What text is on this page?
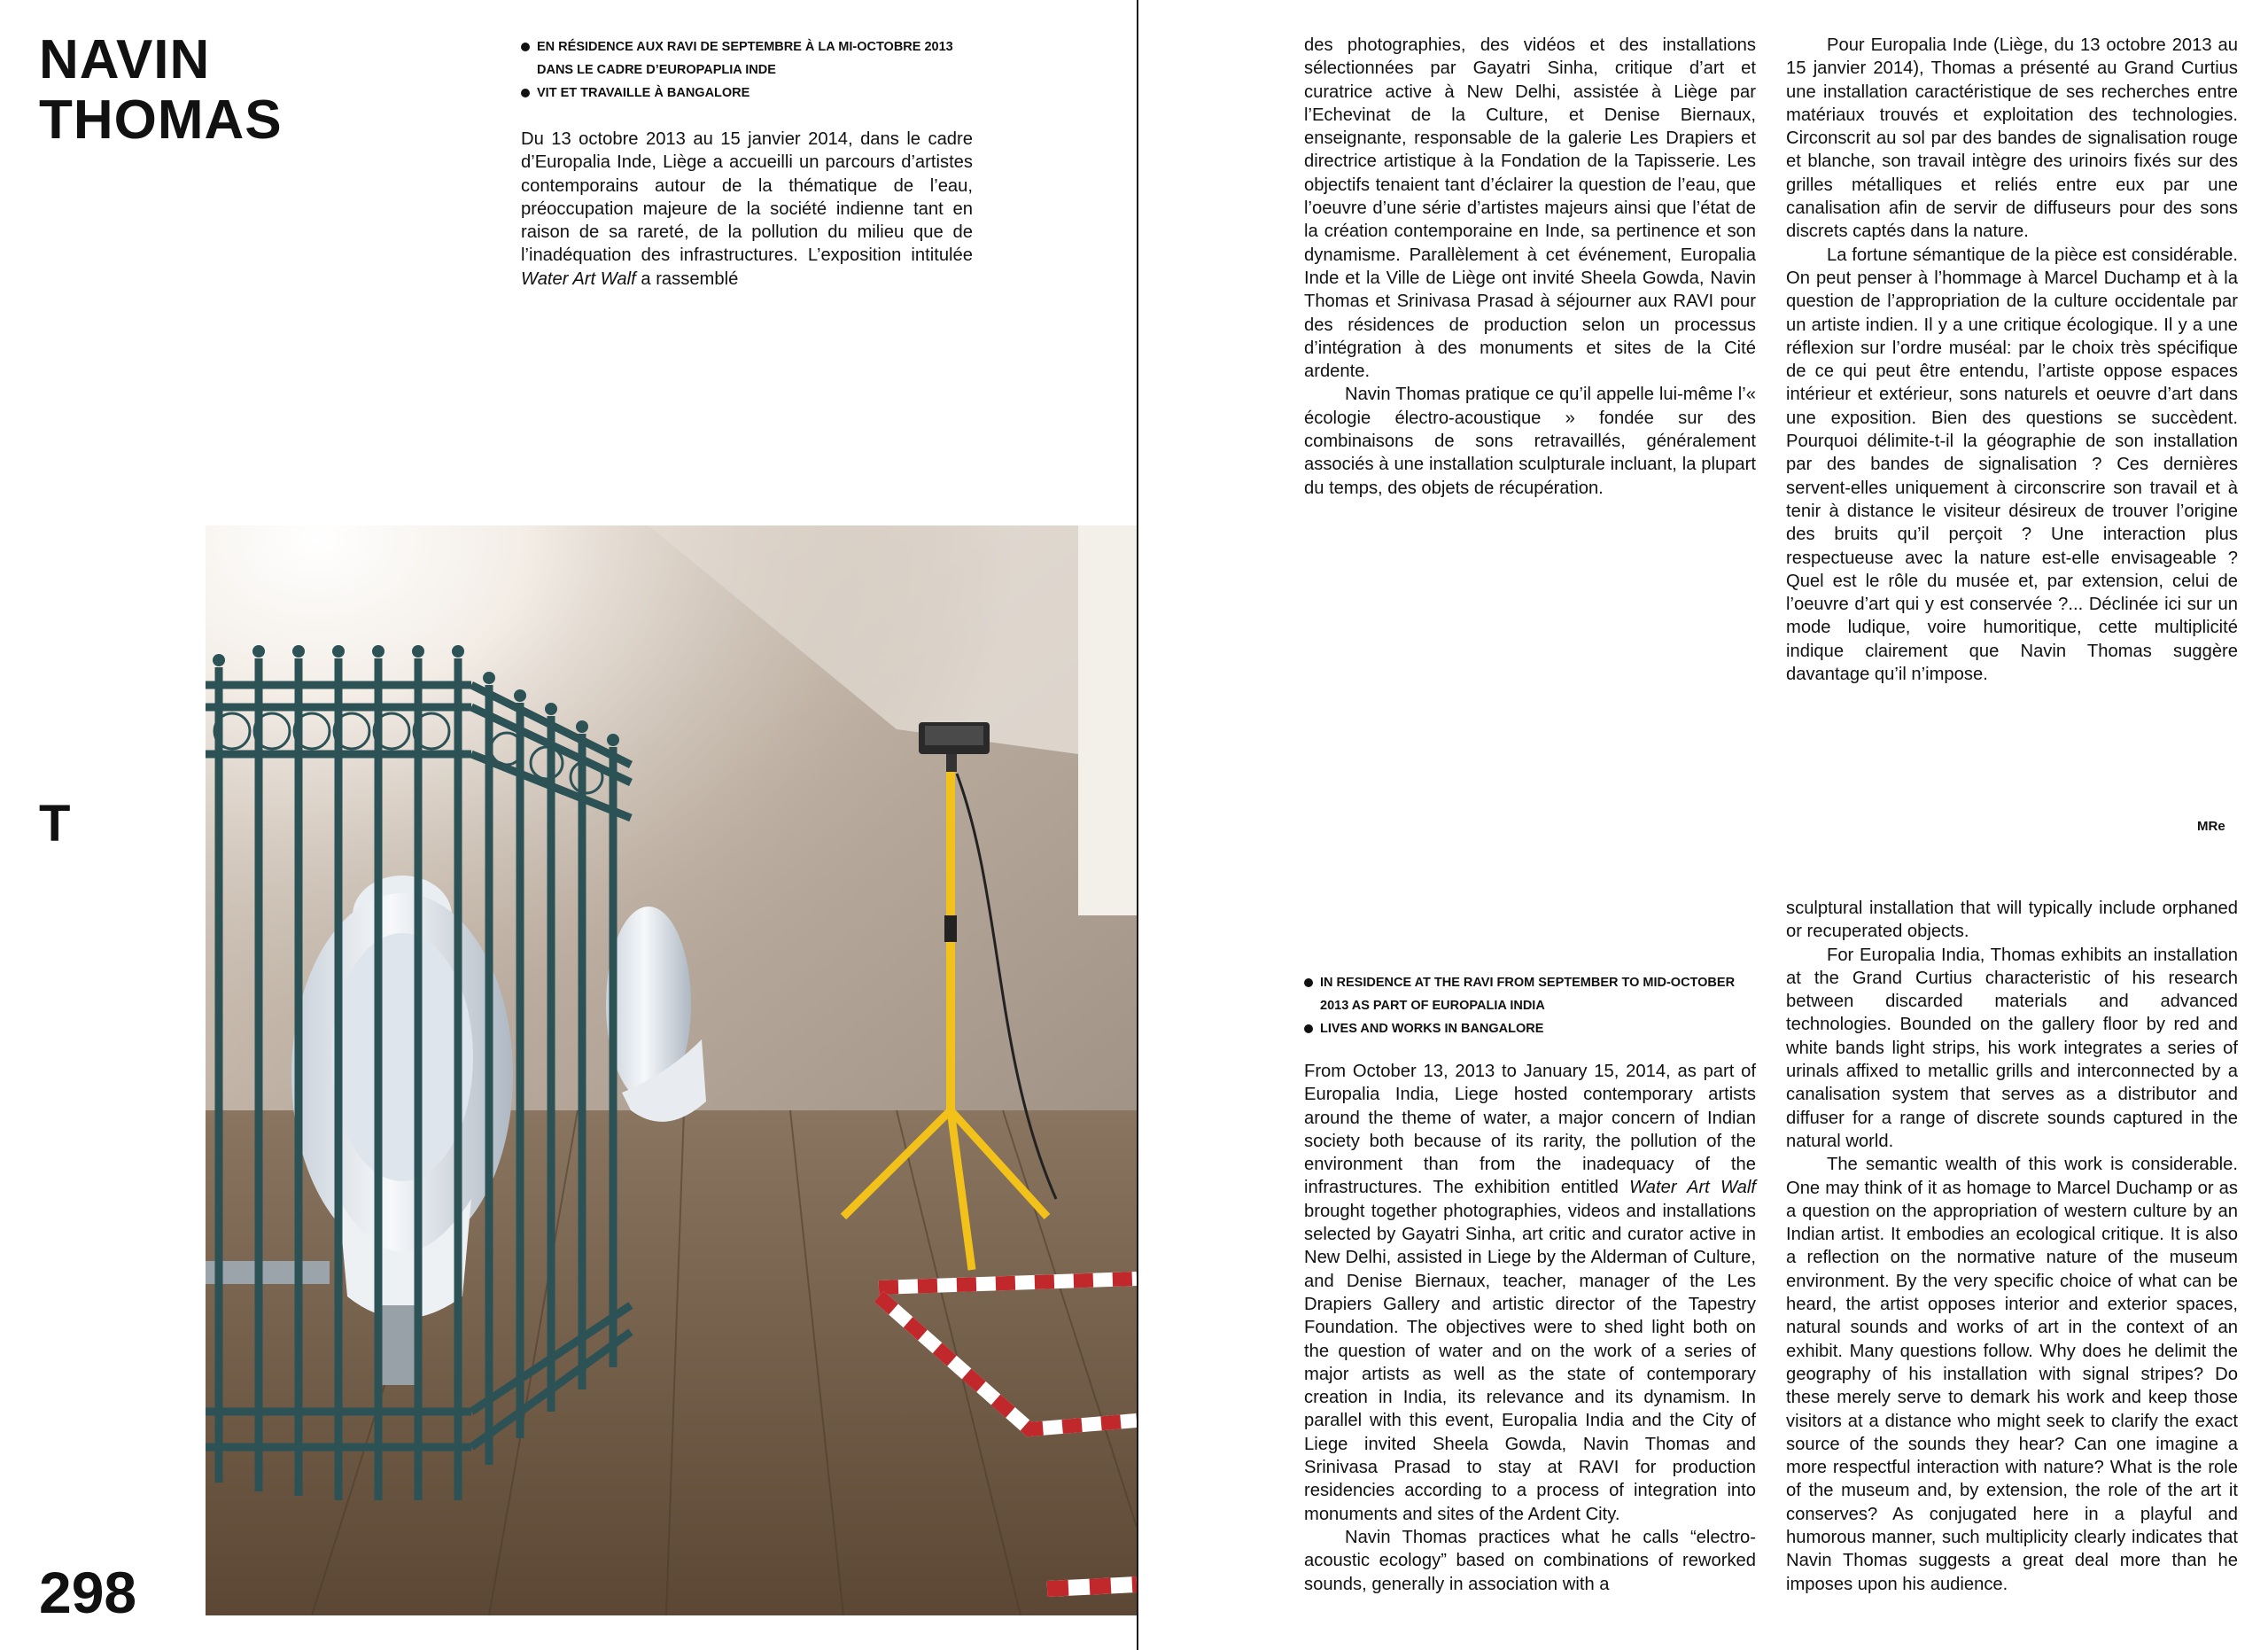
NAVIN
THOMAS
EN RÉSIDENCE AUX RAVI DE SEPTEMBRE À LA MI-OCTOBRE 2013 DANS LE CADRE D’EUROPAPLIA INDE
VIT ET TRAVAILLE À BANGALORE

Du 13 octobre 2013 au 15 janvier 2014, dans le cadre d’Europalia Inde, Liège a accueilli un parcours d’artistes contemporains autour de la thématique de l’eau, préoccupation majeure de la société indienne tant en raison de sa rareté, de la pollution du milieu que de l’inadéquation des infrastructures. L’exposition intitulée Water Art Walf a rassemblé

T
298

des photographies, des vidéos et des installations sélectionnées par Gayatri Sinha, critique d’art et curatrice active à New Delhi, assistée à Liège par l’Echevinat de la Culture, et Denise Biernaux, enseignante, responsable de la galerie Les Drapiers et directrice artistique à la Fondation de la Tapisserie. Les objectifs tenaient tant d’éclairer la question de l’eau, que l’oeuvre d’une série d’artistes majeurs ainsi que l’état de la création contemporaine en Inde, sa pertinence et son dynamisme. Parallèlement à cet événement, Europalia Inde et la Ville de Liège ont invité Sheela Gowda, Navin Thomas et Srinivasa Prasad à séjourner aux RAVI pour des résidences de production selon un processus d’intégration à des monuments et sites de la Cité ardente.

Navin Thomas pratique ce qu’il appelle lui-même l’« écologie électro-acoustique » fondée sur des combinaisons de sons retravaillés, généralement associés à une installation sculpturale incluant, la plupart du temps, des objets de récupération.

Pour Europalia Inde (Liège, du 13 octobre 2013 au 15 janvier 2014), Thomas a présenté au Grand Curtius une installation caractéristique de ses recherches entre matériaux trouvés et exploitation des technologies. Circonscrit au sol par des bandes de signalisation rouge et blanche, son travail intègre des urinoirs fixés sur des grilles métalliques et reliés entre eux par une canalisation afin de servir de diffuseurs pour des sons discrets captés dans la nature.

La fortune sémantique de la pièce est considérable. On peut penser à l’hommage à Marcel Duchamp et à la question de l’appropriation de la culture occidentale par un artiste indien. Il y a une critique écologique. Il y a une réflexion sur l’ordre muséal: par le choix très spécifique de ce qui peut être entendu, l’artiste oppose espaces intérieur et extérieur, sons naturels et oeuvre d’art dans une exposition. Bien des questions se succèdent. Pourquoi délimite-t-il la géographie de son installation par des bandes de signalisation ? Ces dernières servent-elles uniquement à circonscrire son travail et à tenir à distance le visiteur désireux de trouver l’origine des bruits qu’il perçoit ? Une interaction plus respectueuse avec la nature est-elle envisageable ? Quel est le rôle du musée et, par extension, celui de l’oeuvre d’art qui y est conservée ?... Déclinée ici sur un mode ludique, voire humoritique, cette multiplicité indique clairement que Navin Thomas suggère davantage qu’il n’impose.

MRe
IN RESIDENCE AT THE RAVI FROM SEPTEMBER TO MID-OCTOBER 2013 AS PART OF EUROPALIA INDIA
LIVES AND WORKS IN BANGALORE

From October 13, 2013 to January 15, 2014, as part of Europalia India, Liege hosted contemporary artists around the theme of water, a major concern of Indian society both because of its rarity, the pollution of the environment than from the inadequacy of the infrastructures. The exhibition entitled Water Art Walf brought together photographies, videos and installations selected by Gayatri Sinha, art critic and curator active in New Delhi, assisted in Liege by the Alderman of Culture, and Denise Biernaux, teacher, manager of the Les Drapiers Gallery and artistic director of the Tapestry Foundation. The objectives were to shed light both on the question of water and on the work of a series of major artists as well as the state of contemporary creation in India, its relevance and its dynamism. In parallel with this event, Europalia India and the City of Liege invited Sheela Gowda, Navin Thomas and Srinivasa Prasad to stay at RAVI for production residencies according to a process of integration into monuments and sites of the Ardent City.

Navin Thomas practices what he calls “electro-acoustic ecology” based on combinations of reworked sounds, generally in association with a

sculptural installation that will typically include orphaned or recuperated objects.

For Europalia India, Thomas exhibits an installation at the Grand Curtius characteristic of his research between discarded materials and advanced technologies. Bounded on the gallery floor by red and white bands light strips, his work integrates a series of urinals affixed to metallic grills and interconnected by a canalisation system that serves as a distributor and diffuser for a range of discrete sounds captured in the natural world.

The semantic wealth of this work is considerable. One may think of it as homage to Marcel Duchamp or as a question on the appropriation of western culture by an Indian artist. It embodies an ecological critique. It is also a reflection on the normative nature of the museum environment. By the very specific choice of what can be heard, the artist opposes interior and exterior spaces, natural sounds and works of art in the context of an exhibit. Many questions follow. Why does he delimit the geography of his installation with signal stripes? Do these merely serve to demark his work and keep those visitors at a distance who might seek to clarify the exact source of the sounds they hear? Can one imagine a more respectful interaction with nature? What is the role of the museum and, by extension, the role of the art it conserves? As conjugated here in a playful and humorous manner, such multiplicity clearly indicates that Navin Thomas suggests a great deal more than he imposes upon his audience.
